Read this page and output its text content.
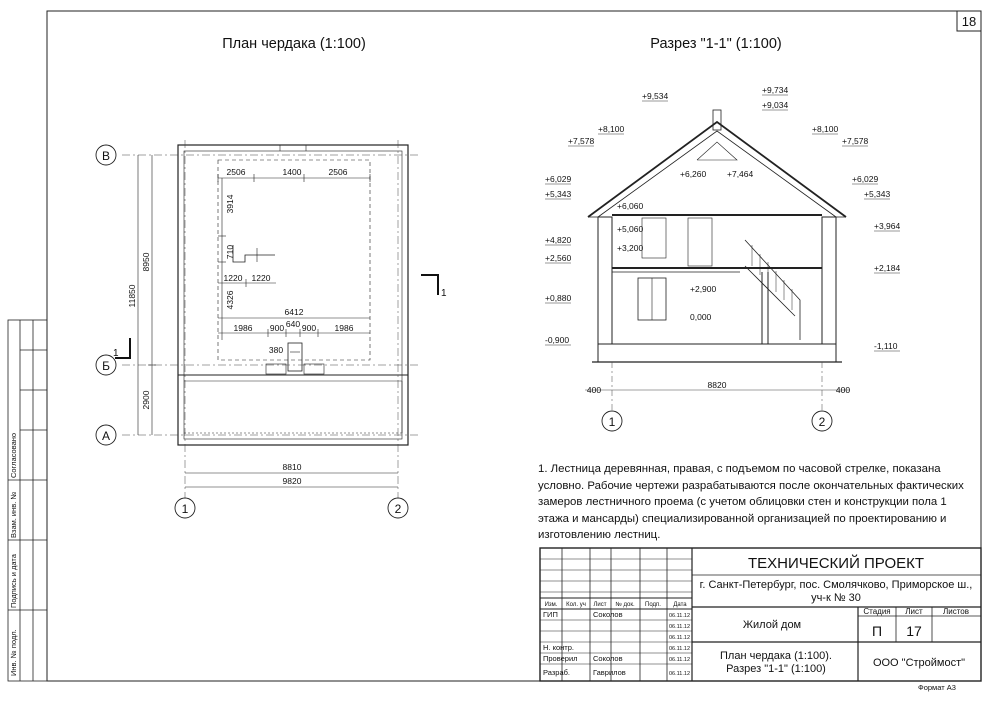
18
Согласовано
Взам. инв. №
Подпись и дата
Инв. № подл.
План чердака (1:100)
В
Б
А
1	2
1
1
2506	1400	2506
3914
710
4326
1220 1220
6412
1986 900 640 900 1986
380
11850
8950
2900
8810
9820
Разрез "1-1" (1:100)
1	2
400	8820	400
+9,534
+8,100
+7,578
+6,029
+5,343
+4,820
+2,560
+0,880
-0,900
+9,734
+9,034
+8,100
+7,578
+6,029
+5,343
+3,964
+2,184
-1,110
+7,464
+6,260
+6,060
+5,060
+3,200
+2,900
0,000
ТЕХНИЧЕСКИЙ ПРОЕКТ
г. Санкт-Петербург, пос. Смолячково, Приморское ш.,
уч-к № 30
Изм. Кол. уч Лист № док. Подп. Дата
ГИП	Соколов	06.11.12
Н. контр.	06.11.12
Проверил Соколов	06.11.12
Разраб.	Гаврилов	06.11.12
06.11.12
06.11.12
Жилой дом
Стадия Лист	Листов
П 17
План чердака (1:100).
Разрез "1-1" (1:100)	ООО "Строймост"
Формат А3
1. Лестница деревянная, правая, с подъемом по часовой стрелке, показана условно. Рабочие чертежи разрабатываются после окончательных фактических замеров лестничного проема (с учетом облицовки стен и конструкции пола 1 этажа и мансарды) специализированной организацией по проектированию и изготовлению лестниц.
